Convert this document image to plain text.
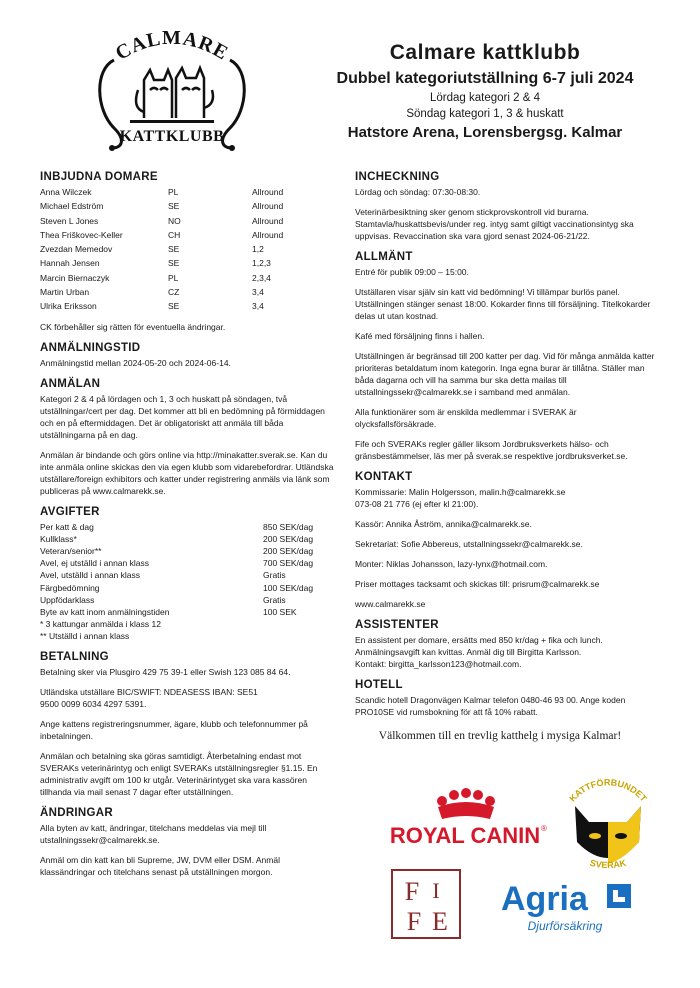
CALMARE
KATTKLUBB
Calmare kattklubb
Dubbel kategoriutställning 6-7 juli 2024
Lördag kategori 2 & 4
Söndag kategori 1, 3 & huskatt
Hatstore Arena, Lorensbergsg. Kalmar
INBJUDNA DOMARE
Anna Wilczek	PL	Allround
Michael Edström	SE	Allround
Steven L Jones	NO	Allround
Thea Friškovec-Keller	CH	Allround
Zvezdan Memedov	SE	1,2
Hannah Jensen	SE	1,2,3
Marcin Biernaczyk	PL	2,3,4
Martin Urban	CZ	3,4
Ulrika Eriksson	SE	3,4
CK förbehåller sig rätten för eventuella ändringar.
ANMÄLNINGSTID
Anmälningstid mellan 2024-05-20 och 2024-06-14.
ANMÄLAN
Kategori 2 & 4 på lördagen och 1, 3 och huskatt på söndagen, två utställningar/cert per dag. Det kommer att bli en bedömning på förmiddagen och en på eftermiddagen. Det är obligatoriskt att anmäla till båda utställningarna på en dag.
Anmälan är bindande och görs online via http://minakatter.sverak.se. Kan du inte anmäla online skickas den via egen klubb som vidarebefordrar. Utländska utställare/foreign exhibitors och katter under registrering anmäls via länk som publiceras på www.calmarekk.se.
AVGIFTER
Per katt & dag	850 SEK/dag
Kullklass*	200 SEK/dag
Veteran/senior**	200 SEK/dag
Avel, ej utställd i annan klass	700 SEK/dag
Avel, utställd i annan klass	Gratis
Färgbedömning	100 SEK/dag
Uppfödarklass	Gratis
Byte av katt inom anmälningstiden	100 SEK
* 3 kattungar anmälda i klass 12
** Utställd i annan klass
BETALNING
Betalning sker via Plusgiro 429 75 39-1 eller Swish 123 085 84 64.
Utländska utställare BIC/SWIFT: NDEASESS IBAN: SE51
9500 0099 6034 4297 5391.
Ange kattens registreringsnummer, ägare, klubb och telefonnummer på inbetalningen.
Anmälan och betalning ska göras samtidigt. Återbetalning endast mot SVERAKs veterinärintyg och enligt SVERAKs utställningsregler §1.15. En administrativ avgift om 100 kr utgår. Veterinärintyget ska vara kassören tillhanda via mail senast 7 dagar efter utställningen.
ÄNDRINGAR
Alla byten av katt, ändringar, titelchans meddelas via mejl till utstallningssekr@calmarekk.se.
Anmäl om din katt kan bli Supreme, JW, DVM eller DSM. Anmäl klassändringar och titelchans senast på utställningen morgon.
INCHECKNING
Lördag och söndag: 07:30-08:30.
Veterinärbesiktning sker genom stickprovskontroll vid burarna. Stamtavla/huskattsbevis/under reg. intyg samt giltigt vaccinationsintyg ska uppvisas. Revaccination ska vara gjord senast 2024-06-21/22.
ALLMÄNT
Entré för publik 09:00 – 15:00.
Utställaren visar själv sin katt vid bedömning! Vi tillämpar burlös panel. Utställningen stänger senast 18:00. Kokarder finns till försäljning. Titelkokarder delas ut utan kostnad.
Kafé med försäljning finns i hallen.
Utställningen är begränsad till 200 katter per dag. Vid för många anmälda katter prioriteras betaldatum inom kategorin. Inga egna burar är tillåtna. Ställer man båda dagarna och vill ha samma bur ska detta mailas till utstallningssekr@calmarekk.se i samband med anmälan.
Alla funktionärer som är enskilda medlemmar i SVERAK är olycksfallsförsäkrade.
Fife och SVERAKs regler gäller liksom Jordbruksverkets hälso- och gränsbestämmelser, läs mer på sverak.se respektive jordbruksverket.se.
KONTAKT
Kommissarie: Malin Holgersson, malin.h@calmarekk.se
073-08 21 776 (ej efter kl 21:00).
Kassör: Annika Åström, annika@calmarekk.se.
Sekretariat: Sofie Abbereus, utstallningssekr@calmarekk.se.
Monter: Niklas Johansson, lazy-lynx@hotmail.com.
Priser mottages tacksamt och skickas till: prisrum@calmarekk.se
www.calmarekk.se
ASSISTENTER
En assistent per domare, ersätts med 850 kr/dag + fika och lunch.
Anmälningsavgift kan kvittas. Anmäl dig till Birgitta Karlsson.
Kontakt: birgitta_karlsson123@hotmail.com.
HOTELL
Scandic hotell Dragonvägen Kalmar telefon 0480-46 93 00. Ange koden PRO10SE vid rumsbokning för att få 10% rabatt.
Välkommen till en trevlig katthelg i mysiga Kalmar!
ROYAL CANIN ®
KATTFÖRBUNDET
SVERAK
F I
F E
Agria
Djurförsäkring
